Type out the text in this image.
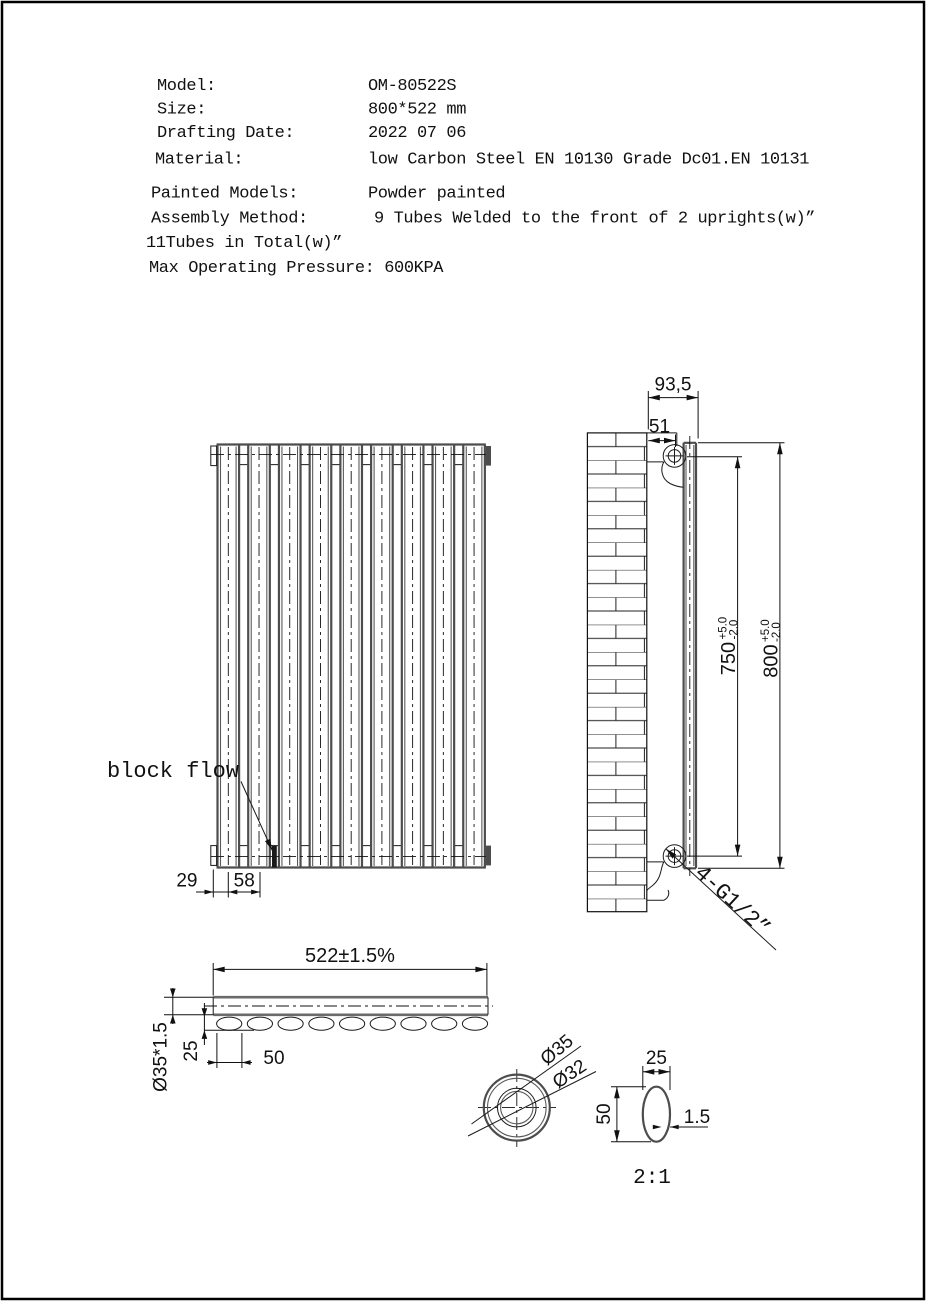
Model:	OM-80522S
Size:	800*522 mm
Drafting Date:	2022 07 06
Material:	low Carbon Steel EN 10130 Grade Dc01.EN 10131
Painted Models:	Powder painted
Assembly Method:	9 Tubes Welded to the front of 2 uprights(w)”
11Tubes in Total(w)”
Max Operating Pressure: 600KPA
block flow
29 58
93,5
51
750
+5.0 -2.0
800
+5.0 -2.0
4-G1/2”
522±1.5%
Ø35*1.5 25	50	Ø35
Ø32	25
50	1.5
2:1
